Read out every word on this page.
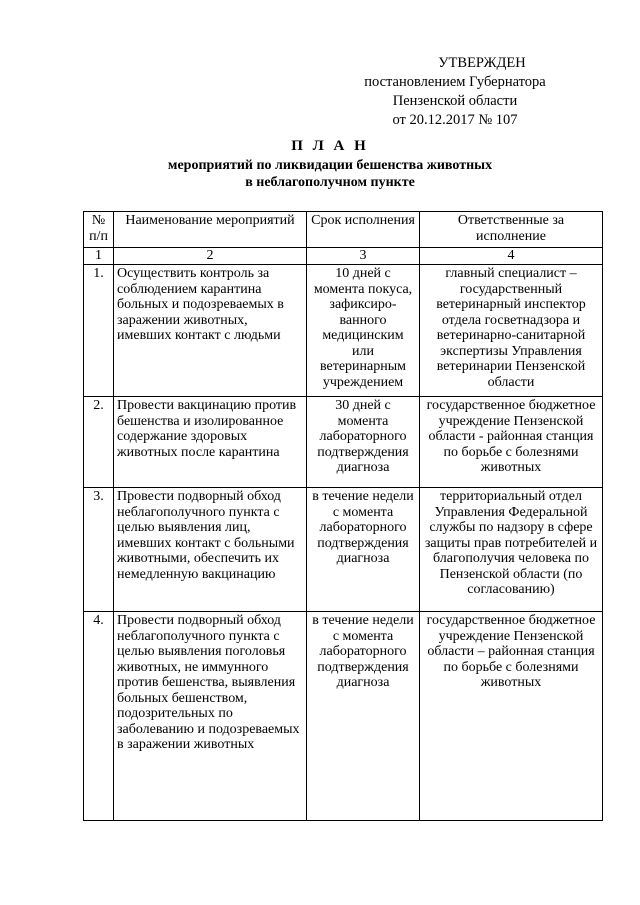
УТВЕРЖДЕН
постановлением Губернатора
Пензенской области
от 20.12.2017 № 107
П Л А Н
мероприятий по ликвидации бешенства животных
в неблагополучном пункте
№ п/п	Наименование мероприятий	Срок исполнения	Ответственные за исполнение
1	2	3	4
1.	Осуществить контроль за соблюдением карантина больных и подозреваемых в заражении животных, имевших контакт с людьми	10 дней с момента покуса, зафиксиро-ванного медицинским или ветеринарным учреждением	главный специалист – государственный ветеринарный инспектор отдела госветнадзора и ветеринарно-санитарной экспертизы Управления ветеринарии Пензенской области
2.	Провести вакцинацию против бешенства и изолированное содержание здоровых животных после карантина	30 дней с момента лабораторного подтверждения диагноза	государственное бюджетное учреждение Пензенской области - районная станция по борьбе с болезнями животных
3.	Провести подворный обход неблагополучного пункта с целью выявления лиц, имевших контакт с больными животными, обеспечить их немедленную вакцинацию	в течение недели с момента лабораторного подтверждения диагноза	территориальный отдел Управления Федеральной службы по надзору в сфере защиты прав потребителей и благополучия человека по Пензенской области (по согласованию)
4.	Провести подворный обход неблагополучного пункта с целью выявления поголовья животных, не иммунного против бешенства, выявления больных бешенством, подозрительных по заболеванию и подозреваемых в заражении животных	в течение недели с момента лабораторного подтверждения диагноза	государственное бюджетное учреждение Пензенской области – районная станция по борьбе с болезнями животных
